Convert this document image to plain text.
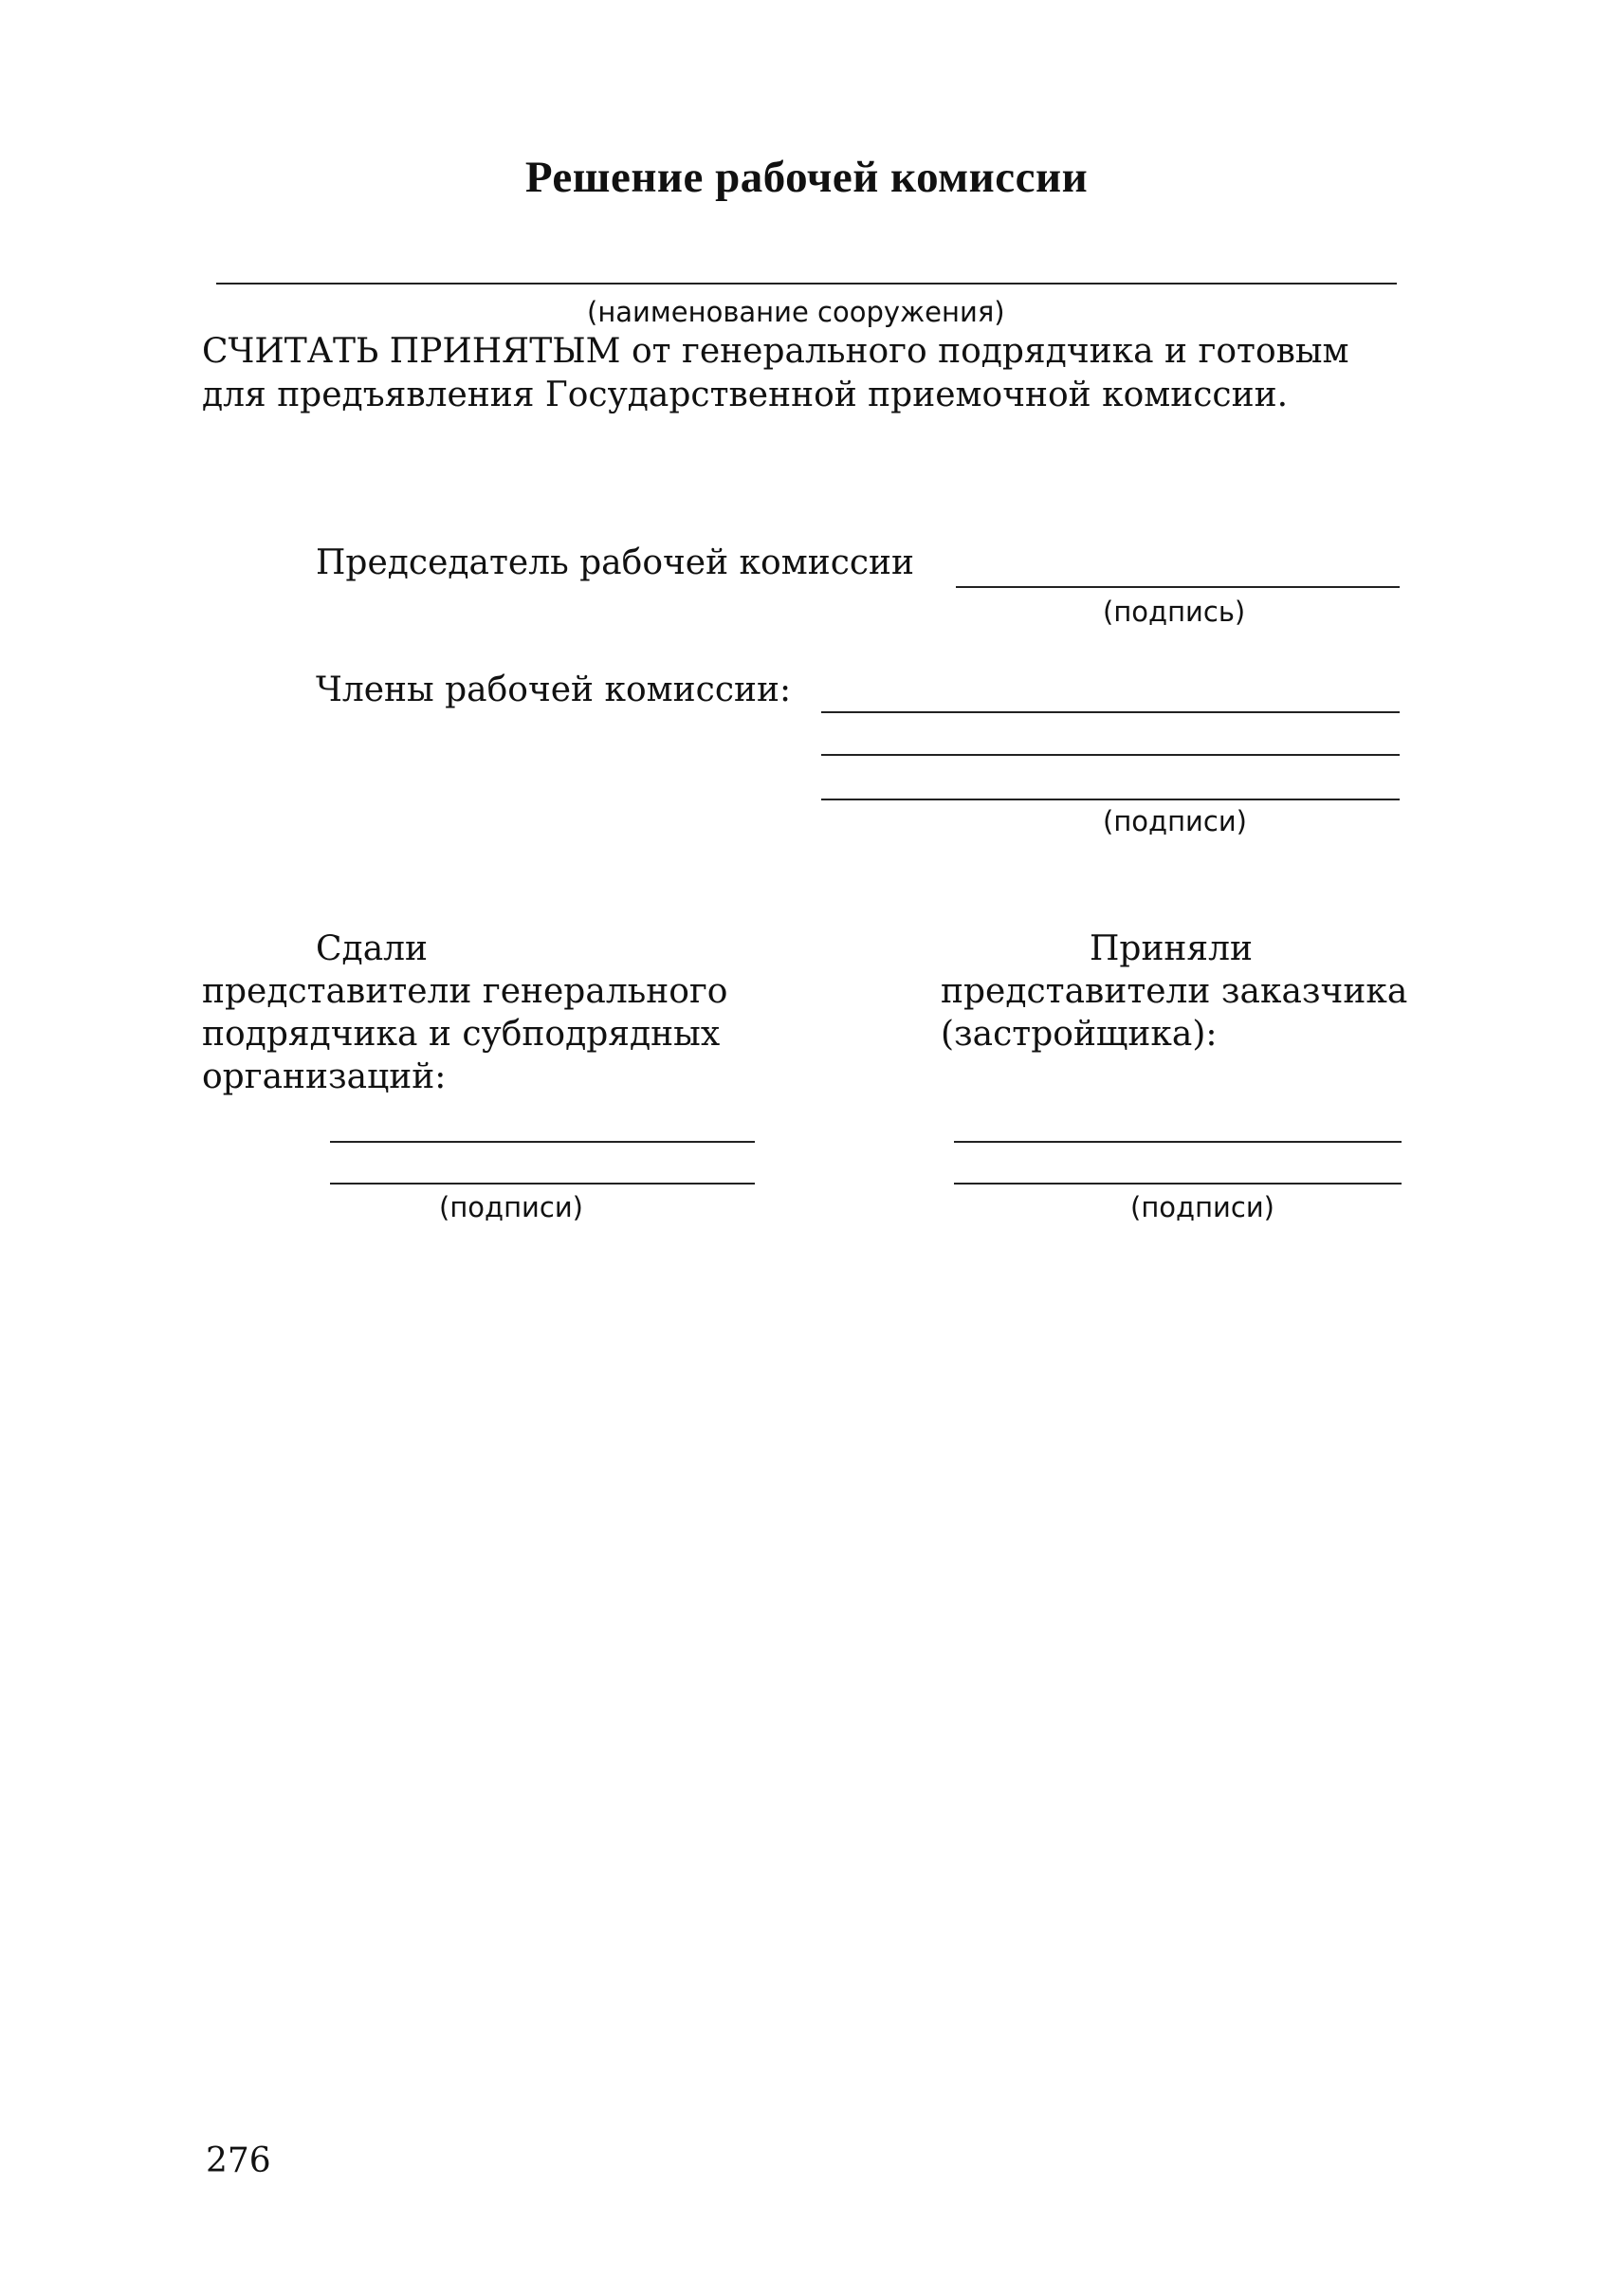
Решение рабочей комиссии
(наименование сооружения)
СЧИТАТЬ ПРИНЯТЫМ от генерального подрядчика и готовым
для предъявления Государственной приемочной комиссии.
Председатель рабочей комиссии
(подпись)
Члены рабочей комиссии:
(подписи)
Сдали
представители генерального
подрядчика и субподрядных
организаций:
(подписи)
Приняли
представители заказчика
(застройщика):
(подписи)
276
